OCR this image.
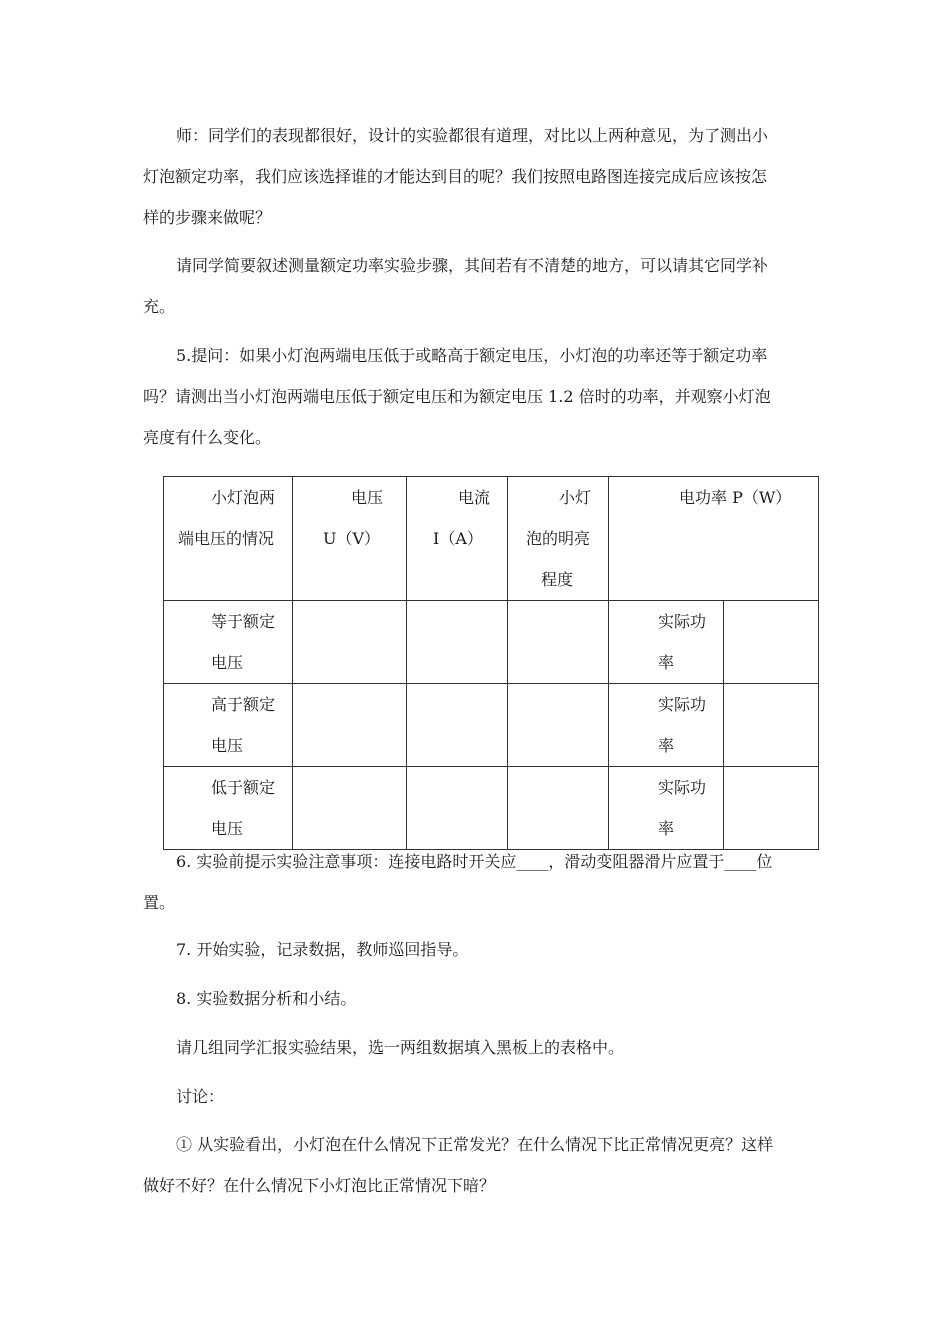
师：同学们的表现都很好，设计的实验都很有道理，对比以上两种意见，为了测出小
灯泡额定功率，我们应该选择谁的才能达到目的呢？我们按照电路图连接完成后应该按怎
样的步骤来做呢？

请同学简要叙述测量额定功率实验步骤，其间若有不清楚的地方，可以请其它同学补
充。

5.提问：如果小灯泡两端电压低于或略高于额定电压，小灯泡的功率还等于额定功率
吗？请测出当小灯泡两端电压低于额定电压和为额定电压 1.2 倍时的功率，并观察小灯泡
亮度有什么变化。

小灯泡两
端电压的情况	电压
U（V）	电流
I（A）	小灯
泡的明亮
程度	电功率 P（W）	

等于额定
电压				实际功
率	

高于额定
电压				实际功
率	

低于额定
电压				实际功
率	

6. 实验前提示实验注意事项：连接电路时开关应____，滑动变阻器滑片应置于____位
置。

7. 开始实验，记录数据，教师巡回指导。

8. 实验数据分析和小结。

请几组同学汇报实验结果，选一两组数据填入黑板上的表格中。

讨论：

① 从实验看出，小灯泡在什么情况下正常发光？在什么情况下比正常情况更亮？这样
做好不好？在什么情况下小灯泡比正常情况下暗？
